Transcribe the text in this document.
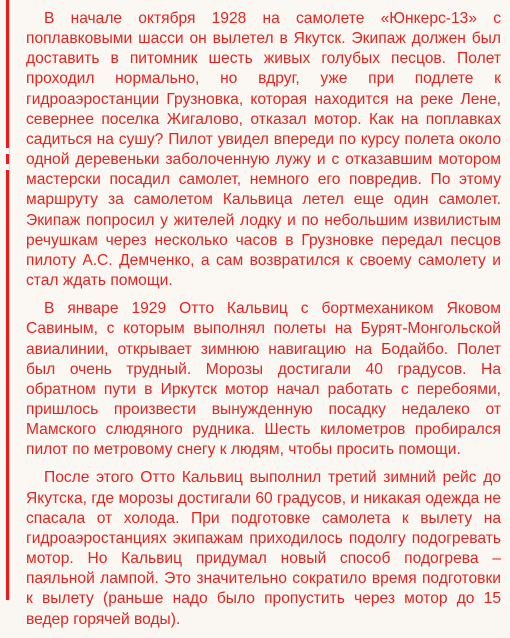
В начале октября 1928 на самолете «Юнкерс-13» с поплавковыми шасси он вылетел в Якутск. Экипаж должен был доставить в питомник шесть живых голубых песцов. Полет проходил нормально, но вдруг, уже при подлете к гидроаэростанции Грузновка, которая находится на реке Лене, севернее поселка Жигалово, отказал мотор. Как на поплавках садиться на сушу? Пилот увидел впереди по курсу полета около одной деревеньки заболоченную лужу и с отказавшим мотором мастерски посадил самолет, немного его повредив. По этому маршруту за самолетом Кальвица летел еще один самолет. Экипаж попросил у жителей лодку и по небольшим извилистым речушкам через несколько часов в Грузновке передал песцов пилоту А.С. Демченко, а сам возвратился к своему самолету и стал ждать помощи.

В январе 1929 Отто Кальвиц с бортмехаником Яковом Савиным, с которым выполнял полеты на Бурят-Монгольской авиалинии, открывает зимнюю навигацию на Бодайбо. Полет был очень трудный. Морозы достигали 40 градусов. На обратном пути в Иркутск мотор начал работать с перебоями, пришлось произвести вынужденную посадку недалеко от Мамского слюдяного рудника. Шесть километров пробирался пилот по метровому снегу к людям, чтобы просить помощи.

После этого Отто Кальвиц выполнил третий зимний рейс до Якутска, где морозы достигали 60 градусов, и никакая одежда не спасала от холода. При подготовке самолета к вылету на гидроаэростанциях экипажам приходилось подолгу подогревать мотор. Но Кальвиц придумал новый способ подогрева – паяльной лампой. Это значительно сократило время подготовки к вылету (раньше надо было пропустить через мотор до 15 ведер горячей воды).
